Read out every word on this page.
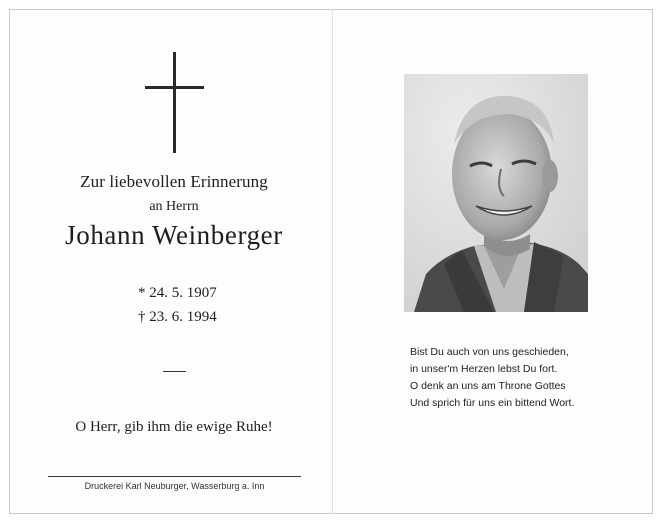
Zur liebevollen Erinnerung
an Herrn
Johann Weinberger
* 24. 5. 1907
† 23. 6. 1994
O Herr, gib ihm die ewige Ruhe!
Druckerei Karl Neuburger, Wasserburg a. Inn
Bist Du auch von uns geschieden,
in unser'm Herzen lebst Du fort.
O denk an uns am Throne Gottes
Und sprich für uns ein bittend Wort.
